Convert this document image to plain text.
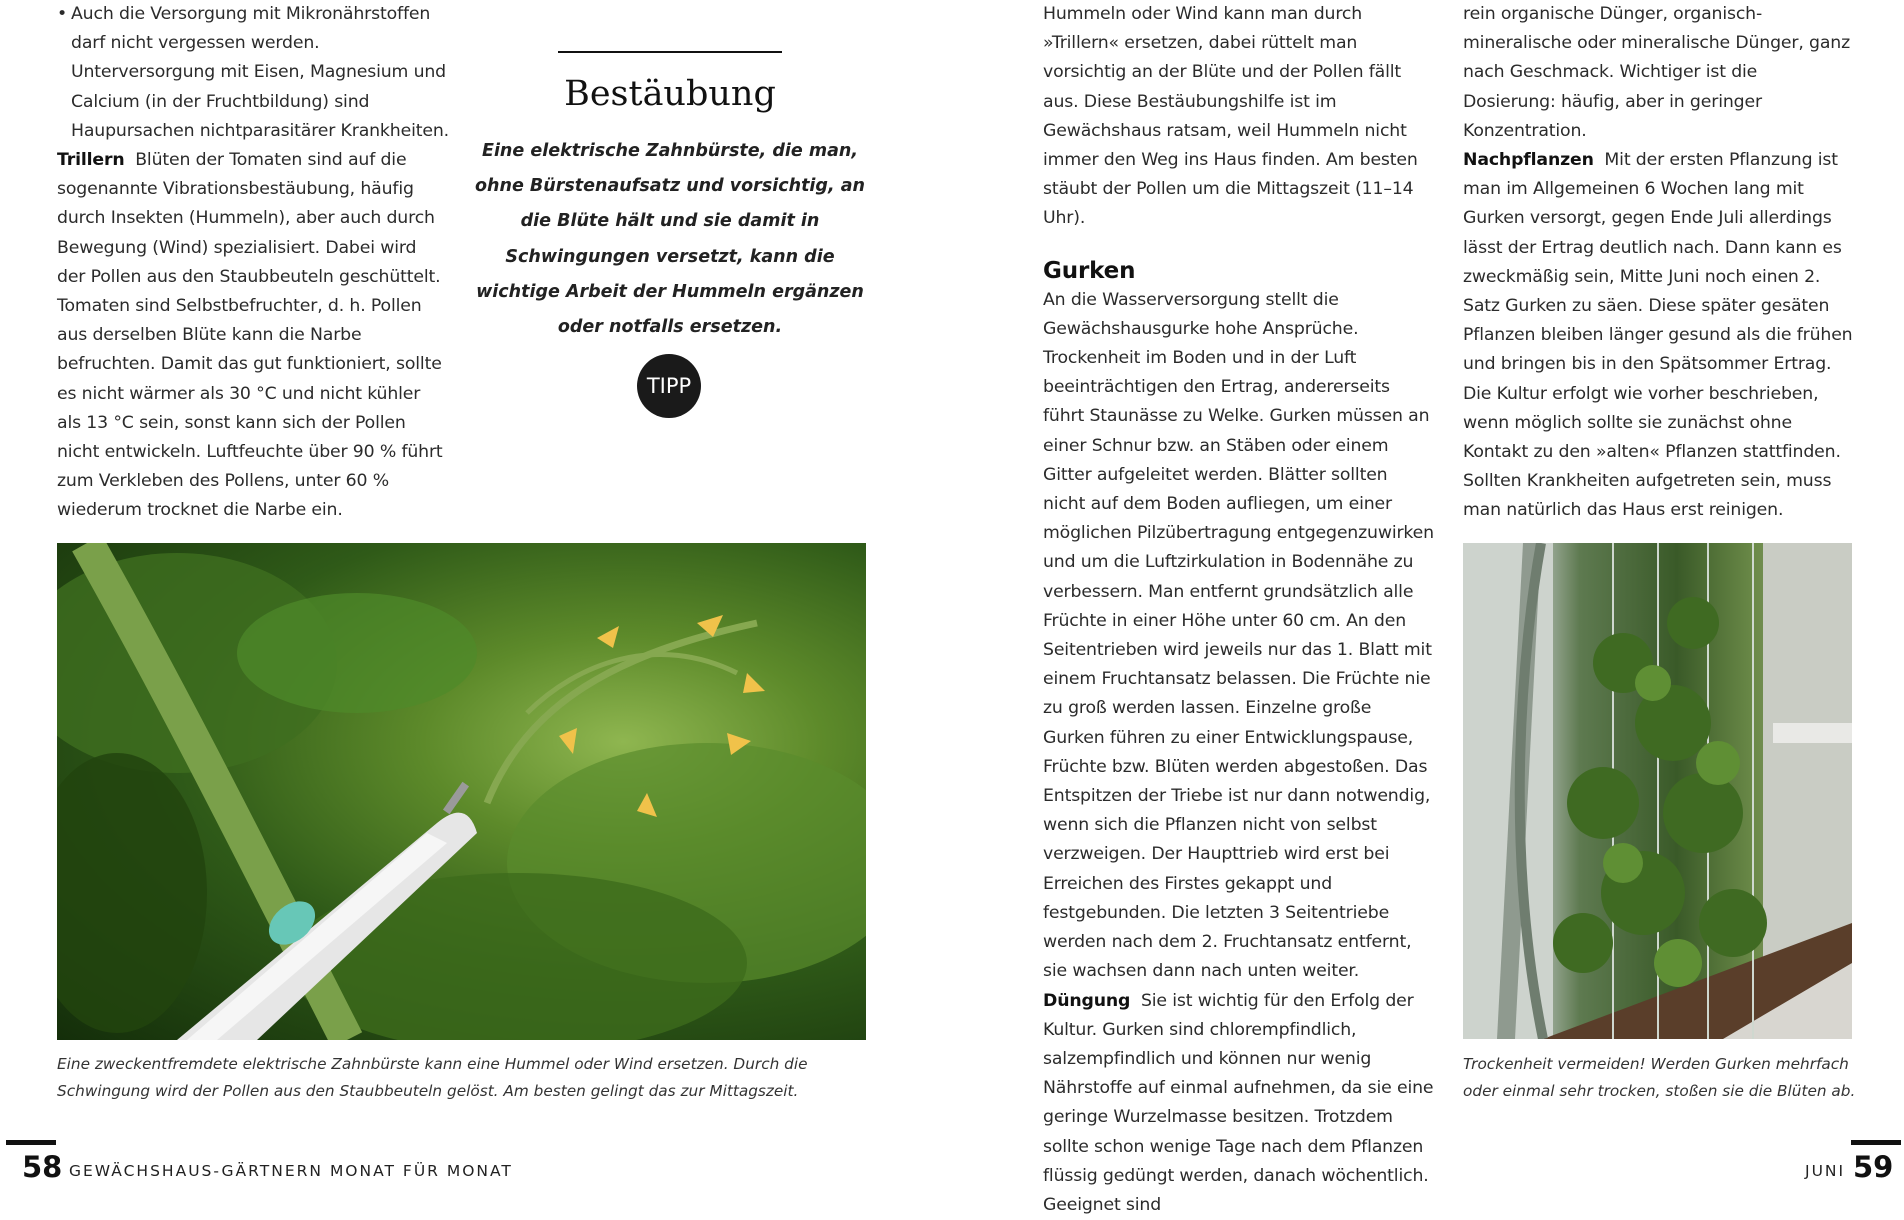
• Auch die Versorgung mit Mikronährstoffen darf nicht vergessen werden. Unterversorgung mit Eisen, Magnesium und Calcium (in der Fruchtbildung) sind Haupursachen nichtparasitärer Krankheiten.

Trillern Blüten der Tomaten sind auf die sogenannte Vibrationsbestäubung, häufig durch Insekten (Hummeln), aber auch durch Bewegung (Wind) spezialisiert. Dabei wird der Pollen aus den Staubbeuteln geschüttelt. Tomaten sind Selbstbefruchter, d. h. Pollen aus derselben Blüte kann die Narbe befruchten. Damit das gut funktioniert, sollte es nicht wärmer als 30 °C und nicht kühler als 13 °C sein, sonst kann sich der Pollen nicht entwickeln. Luftfeuchte über 90 % führt zum Verkleben des Pollens, unter 60 % wiederum trocknet die Narbe ein.

Bestäubung
Eine elektrische Zahnbürste, die man, ohne Bürstenaufsatz und vorsichtig, an die Blüte hält und sie damit in Schwingungen versetzt, kann die wichtige Arbeit der Hummeln ergänzen oder notfalls ersetzen.
TIPP
Eine zweckentfremdete elektrische Zahnbürste kann eine Hummel oder Wind ersetzen. Durch die Schwingung wird der Pollen aus den Staubbeuteln gelöst. Am besten gelingt das zur Mittagszeit.
58 GEWÄCHSHAUS-GÄRTNERN MONAT FÜR MONAT

Hummeln oder Wind kann man durch »Trillern« ersetzen, dabei rüttelt man vorsichtig an der Blüte und der Pollen fällt aus. Diese Bestäubungshilfe ist im Gewächshaus ratsam, weil Hummeln nicht immer den Weg ins Haus finden. Am besten stäubt der Pollen um die Mittagszeit (11–14 Uhr).

Gurken

An die Wasserversorgung stellt die Gewächshausgurke hohe Ansprüche. Trockenheit im Boden und in der Luft beeinträchtigen den Ertrag, andererseits führt Staunässe zu Welke. Gurken müssen an einer Schnur bzw. an Stäben oder einem Gitter aufgeleitet werden. Blätter sollten nicht auf dem Boden aufliegen, um einer möglichen Pilzübertragung entgegenzuwirken und um die Luftzirkulation in Bodennähe zu verbessern. Man entfernt grundsätzlich alle Früchte in einer Höhe unter 60 cm. An den Seitentrieben wird jeweils nur das 1. Blatt mit einem Fruchtansatz belassen. Die Früchte nie zu groß werden lassen. Einzelne große Gurken führen zu einer Entwicklungspause, Früchte bzw. Blüten werden abgestoßen. Das Entspitzen der Triebe ist nur dann notwendig, wenn sich die Pflanzen nicht von selbst verzweigen. Der Haupttrieb wird erst bei Erreichen des Firstes gekappt und festgebunden. Die letzten 3 Seitentriebe werden nach dem 2. Fruchtansatz entfernt, sie wachsen dann nach unten weiter.

Düngung Sie ist wichtig für den Erfolg der Kultur. Gurken sind chlorempfindlich, salzempfindlich und können nur wenig Nährstoffe auf einmal aufnehmen, da sie eine geringe Wurzelmasse besitzen. Trotzdem sollte schon wenige Tage nach dem Pflanzen flüssig gedüngt werden, danach wöchentlich. Geeignet sind

rein organische Dünger, organisch-mineralische oder mineralische Dünger, ganz nach Geschmack. Wichtiger ist die Dosierung: häufig, aber in geringer Konzentration.

Nachpflanzen Mit der ersten Pflanzung ist man im Allgemeinen 6 Wochen lang mit Gurken versorgt, gegen Ende Juli allerdings lässt der Ertrag deutlich nach. Dann kann es zweckmäßig sein, Mitte Juni noch einen 2. Satz Gurken zu säen. Diese später gesäten Pflanzen bleiben länger gesund als die frühen und bringen bis in den Spätsommer Ertrag.

Die Kultur erfolgt wie vorher beschrieben, wenn möglich sollte sie zunächst ohne Kontakt zu den »alten« Pflanzen stattfinden. Sollten Krankheiten aufgetreten sein, muss man natürlich das Haus erst reinigen.

Trockenheit vermeiden! Werden Gurken mehrfach oder einmal sehr trocken, stoßen sie die Blüten ab.
JUNI 59
